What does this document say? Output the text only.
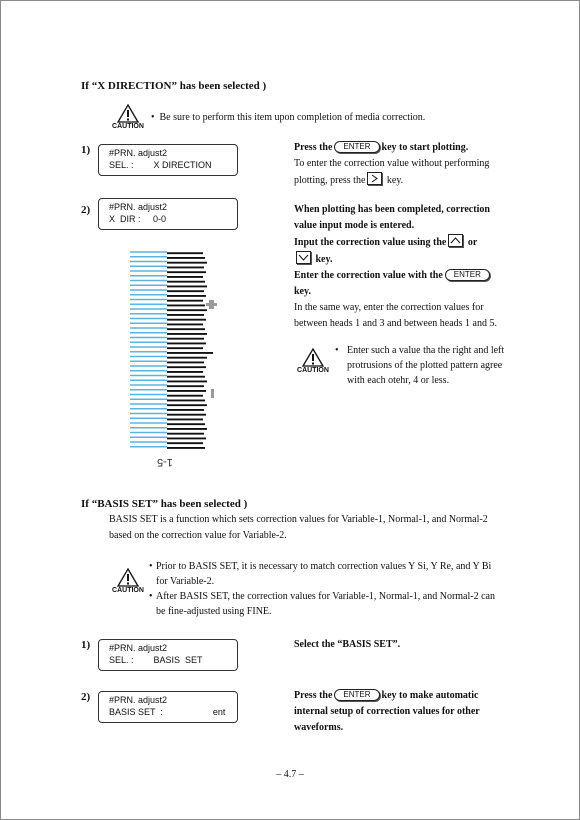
If “X DIRECTION” has been selected )
CAUTION
•  Be sure to perform this item upon completion of media correction.
1) #PRN. adjust2
SEL. :        X DIRECTION
Press the ENTER key to start plotting.
To enter the correction value without performing plotting, press the key.
2) #PRN. adjust2
X  DIR :     0-0
When plotting has been completed, correction value input mode is entered.
Input the correction value using the or

key.
Enter the correction value with the ENTER
key.
In the same way, enter the correction values for between heads 1 and 3 and between heads 1 and 5.
CAUTION
• Enter such a value tha the right and left protrusions of the plotted pattern agree with each otehr, 4 or less.
1-5
If “BASIS SET” has been selected )
BASIS SET is a function which sets correction values for Variable-1, Normal-1, and Normal-2 based on the correction value for Variable-2.
CAUTION
• Prior to BASIS SET, it is necessary to match correction values Y Si, Y Re, and Y Bi for Variable-2.
• After BASIS SET, the correction values for Variable-1, Normal-1, and Normal-2 can be fine-adjusted using FINE.
1) #PRN. adjust2
SEL. :        BASIS  SET
Select the “BASIS SET”.
2) #PRN. adjust2
BASIS SET  :                    ent
Press the ENTER key to make automatic internal setup of correction values for other waveforms.
– 4.7 –
